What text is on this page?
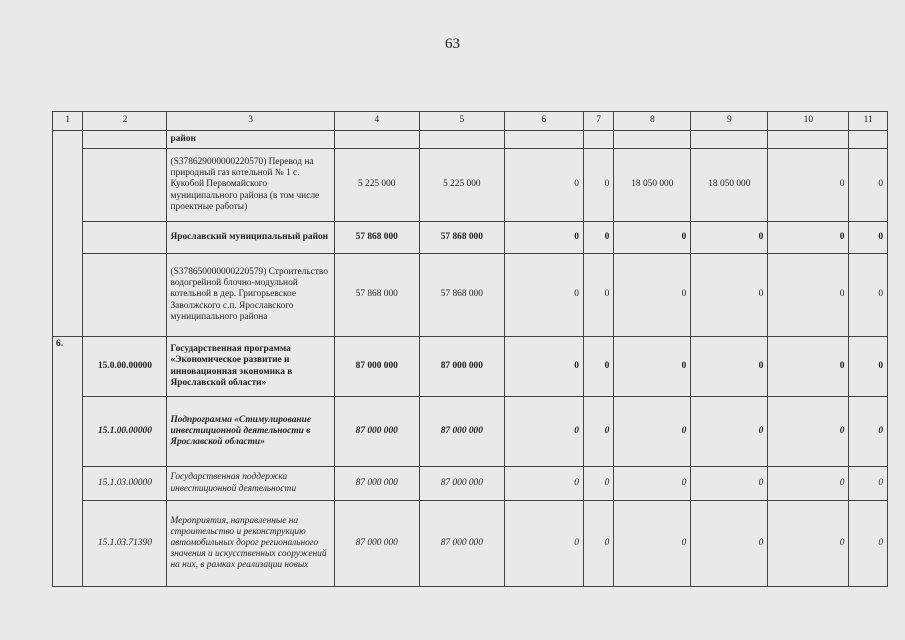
63
1	2	3	4	5	6	7	8	9	10	11
		район								
		(S378629000000220570) Перевод на природный газ котельной № 1 с. Кукобой Первомайского муниципального района (в том числе проектные работы)	5 225 000	5 225 000	0	0	18 050 000	18 050 000	0	0
		Ярославский муниципальный район	57 868 000	57 868 000	0	0	0	0	0	0
		(S378650000000220579) Строительство водогрейной блочно-модульной котельной в дер. Григорьевское Заволжского с.п. Ярославского муниципального района	57 868 000	57 868 000	0	0	0	0	0	0
6.	15.0.00.00000	Государственная программа «Экономическое развитие и инновационная экономика в Ярославской области»	87 000 000	87 000 000	0	0	0	0	0	0
	15.1.00.00000	Подпрограмма «Стимулирование инвестиционной деятельности в Ярославской области»	87 000 000	87 000 000	0	0	0	0	0	0
	15.1.03.00000	Государственная поддержка инвестиционной деятельности	87 000 000	87 000 000	0	0	0	0	0	0
	15.1.03.71390	Мероприятия, направленные на строительство и реконструкцию автомобильных дорог регионального значения и искусственных сооружений на них, в рамках реализации новых	87 000 000	87 000 000	0	0	0	0	0	0
